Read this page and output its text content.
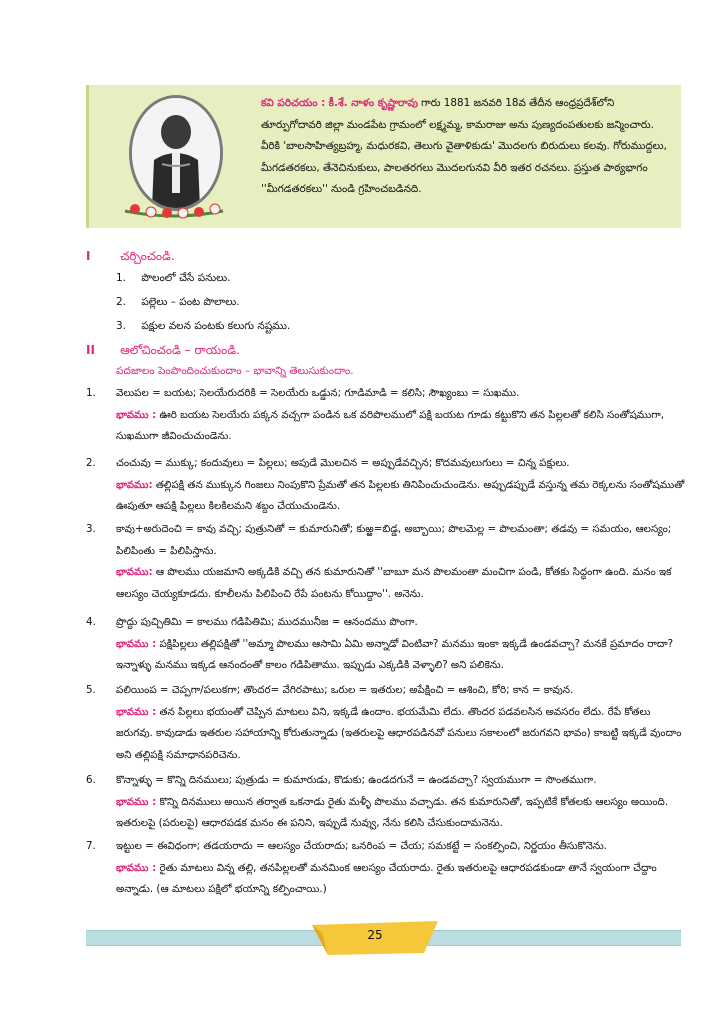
కవి పరిచయం : కీ.శే. నాళం కృష్ణారావు గారు 1881 జనవరి 18వ తేదీన ఆంధ్రప్రదేశ్‌లోని తూర్పుగోదావరి జిల్లా మండపేట గ్రామంలో లక్ష్మమ్మ, కామరాజు అను పుణ్యదంపతులకు జన్మించారు. వీరికి 'బాలసాహిత్యబ్రహ్మ, మధురకవి, తెలుగు వైతాళికుడు' మొదలగు బిరుదులు కలవు. గోరుముద్దలు, మీగడతరకలు, తేనెచినుకులు, పాలతరగలు మొదలగునవి వీరి ఇతర రచనలు. ప్రస్తుత పాఠ్యభాగం ''మీగడతరకలు'' నుండి గ్రహించబడినది.
I చర్చించండి.
1. పొలంలో చేసే పనులు.
2. పల్లెలు – పంట పొలాలు.
3. పక్షుల వలన పంటకు కలుగు నష్టము.
II ఆలోచించండి – రాయండి.
పదజాలం పెంపొందించుకుందాం – భావాన్ని తెలుసుకుందాం.
1. వెలుపల = బయట; సెలయేరుదరికి = సెలయేరు ఒడ్డున; గూడిమాడి = కలిసి; సౌఖ్యంబు = సుఖము.
భావము : ఊరి బయట సెలయేరు పక్కన వచ్చగా పండిన ఒక వరిపొలములో పక్షి బయట గూడు కట్టుకొని తన పిల్లలతో కలిసి సంతోషముగా, సుఖముగా జీవించుచుండెను.
2. చంచువు = ముక్కు; కందువులు = పిల్లలు; అపుడే మొలచిన = అప్పుడేవచ్చిన; కొదమవులుగులు = చిన్న పక్షులు.
భావము: తల్లిపక్షి తన ముక్కున గింజలు నింపుకొని ప్రేమతో తన పిల్లలకు తినిపించుచుండెను. అప్పుడప్పుడే వస్తున్న తమ రెక్కలను సంతోషముతో ఊపుతూ ఆపక్షి పిల్లలు కిలకిలమని శబ్దం చేయుచుండెను.
3. కావు+అరుదెంచి = కావు వచ్చి; పుత్రునితో = కుమారునితో; కుఱ్ఱ=బిడ్డ, అబ్బాయి; పొలమెల్ల = పొలమంతా; తడవు = సమయం, ఆలస్యం; పిలిపింతు = పిలిపిస్తాను.
భావము: ఆ పొలము యజమాని అక్కడికి వచ్చి తన కుమారునితో ''బాబూ మన పొలమంతా మంచిగా పండి, కోతకు సిద్ధంగా ఉంది. మనం ఇక ఆలస్యం చెయ్యకూడదు. కూలీలను పిలిపించి రేపే పంటను కోయిద్దాం''. అనెను.
4. ప్రొద్దు పుచ్చితిమి = కాలము గడిపితిమి; ముదమునీజ = ఆనందము పొంగా.
భావము : పక్షిపిల్లలు తల్లిపక్షితో ''అమ్మా పొలము ఆసామి ఏమి అన్నాడో వింటివా? మనము ఇంకా ఇక్కడే ఉండవచ్చా? మనకే ప్రమాదం రాదా? ఇన్నాళ్ళు మనము ఇక్కడ ఆనందంతో కాలం గడిపితాము. ఇప్పుడు ఎక్కడికి వెళ్ళాలి? అని పలికెను.
5. పలియింప = చెప్పగా/పలుకగా; తొందర= వేగిరపాటు; ఒరుల = ఇతరుల; అపేక్షించి = ఆశించి, కోరి; కాన = కావున.
భావము : తన పిల్లలు భయంతో చెప్పిన మాటలు విని, ఇక్కడే ఉందాం. భయమేమి లేదు. తొందర పడవలసిన అవసరం లేదు. రేపే కోతలు జరుగవు. కావుడాడు ఇతరుల సహాయాన్ని కోరుతున్నాడు (ఇతరులపై ఆధారపడినవో పనులు సకాలంలో జరుగవని భావం) కాబట్టి ఇక్కడే వుందాం అని తల్లిపక్షి సమాధానపరిచెను.
6. కొన్నాళ్ళు = కొన్ని దినములు; పుత్రుడు = కుమారుడు, కొడుకు; ఉండదగునే = ఉండవచ్చా? స్వయముగా = సొంతముగా.
భావము : కొన్ని దినములు అయిన తర్వాత ఒకనాడు రైతు మళ్ళీ పొలము వచ్చాడు. తన కుమారునితో, ఇప్పటికే కోతలకు ఆలస్యం అయింది. ఇతరులపై (పరులపై) ఆధారపడక మనం ఈ పనిని, ఇప్పుడే నువ్వు, నేను కలిసి చేసుకుందామనెను.
7. ఇట్టుల = ఈవిధంగా; తడయరాదు = ఆలస్యం చేయరాదు; ఒనరింప = చేయ; సమకట్టే = సంకల్పించి, నిర్ణయం తీసుకొనెను.
భావము : రైతు మాటలు విన్న తల్లి, తనపిల్లలతో మనమింక ఆలస్యం చేయరాదు. రైతు ఇతరులపై ఆధారపడకుండా తానే స్వయంగా చేద్దాం అన్నాడు. (ఆ మాటలు పక్షిలో భయాన్ని కల్పించాయి.)
25
